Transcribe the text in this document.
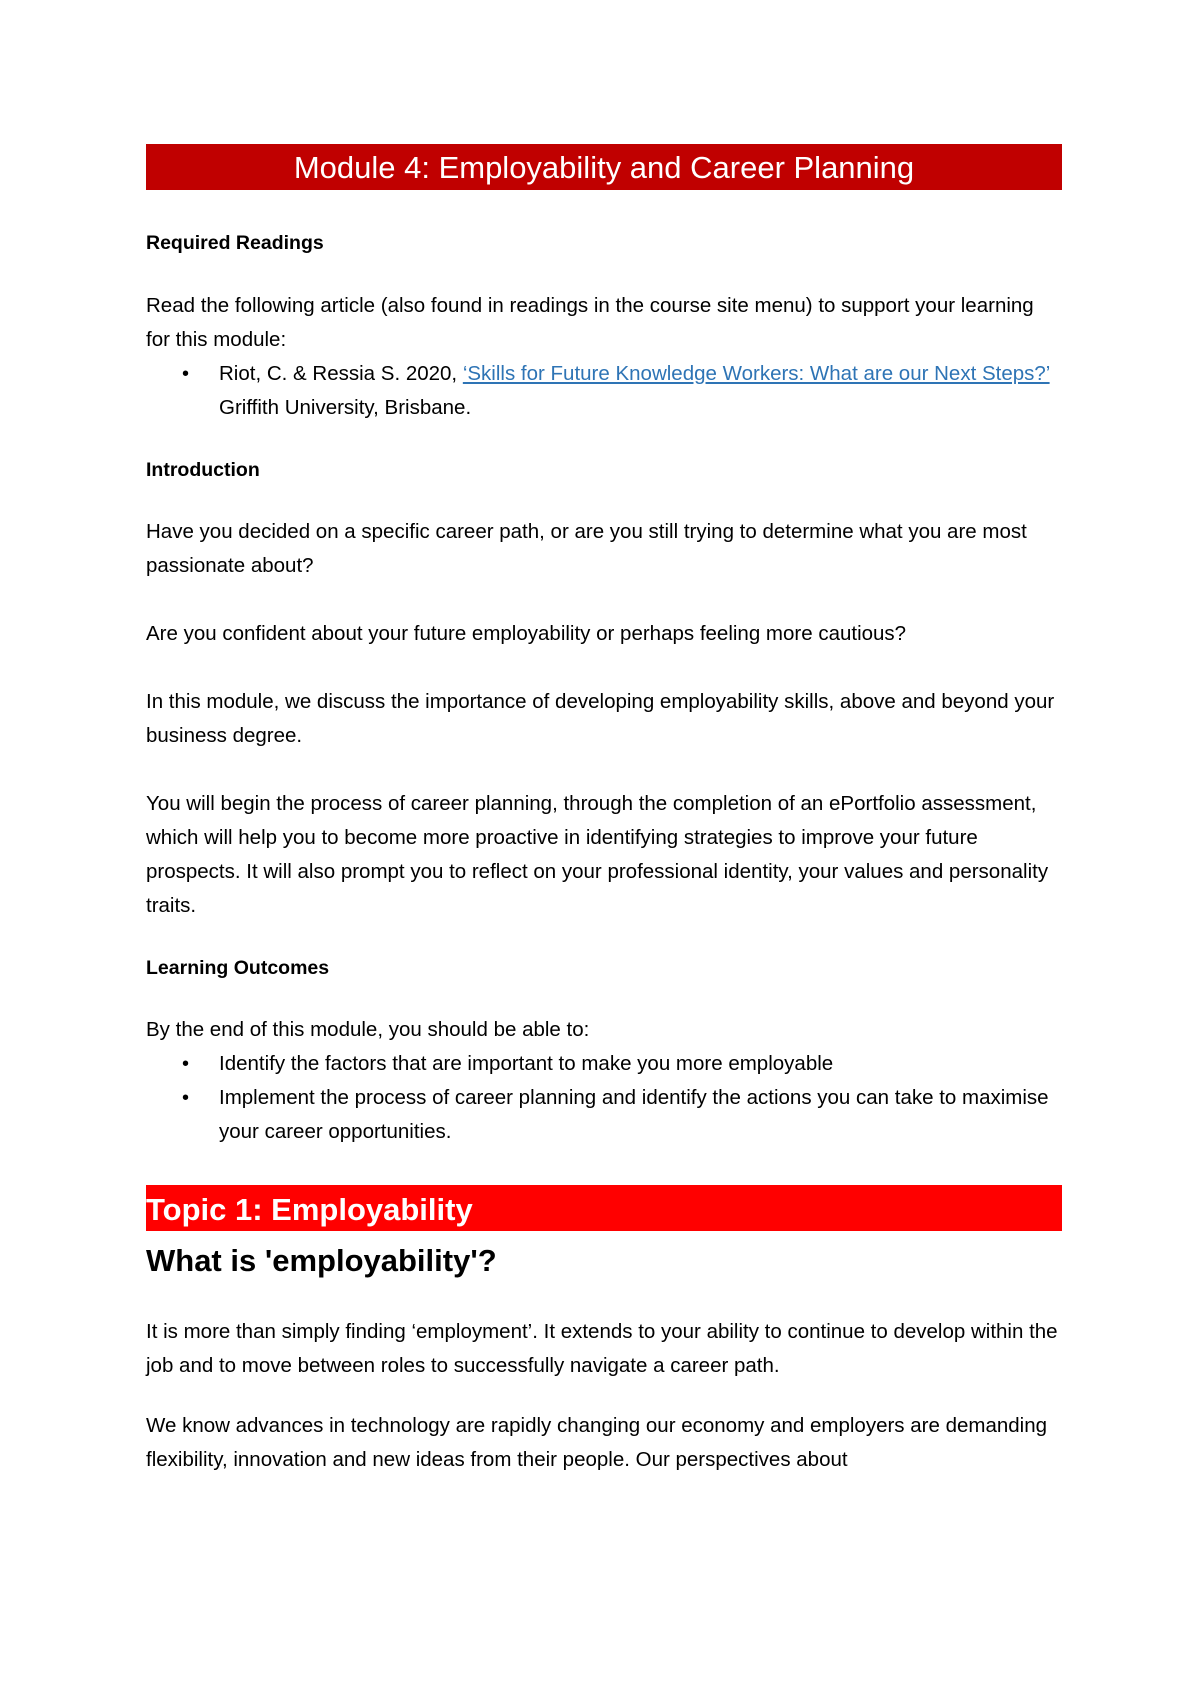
Module 4: Employability and Career Planning
Required Readings

Read the following article (also found in readings in the course site menu) to support your learning for this module:

• Riot, C. & Ressia S. 2020, ‘Skills for Future Knowledge Workers: What are our Next Steps?’ Griffith University, Brisbane.
Introduction

Have you decided on a specific career path, or are you still trying to determine what you are most passionate about?

Are you confident about your future employability or perhaps feeling more cautious?

In this module, we discuss the importance of developing employability skills, above and beyond your business degree.

You will begin the process of career planning, through the completion of an ePortfolio assessment, which will help you to become more proactive in identifying strategies to improve your future prospects. It will also prompt you to reflect on your professional identity, your values and personality traits.

Learning Outcomes

By the end of this module, you should be able to:

• Identify the factors that are important to make you more employable
• Implement the process of career planning and identify the actions you can take to maximise your career opportunities.
Topic 1: Employability
What is 'employability'?

It is more than simply finding ‘employment’. It extends to your ability to continue to develop within the job and to move between roles to successfully navigate a career path.

We know advances in technology are rapidly changing our economy and employers are demanding flexibility, innovation and new ideas from their people. Our perspectives about
